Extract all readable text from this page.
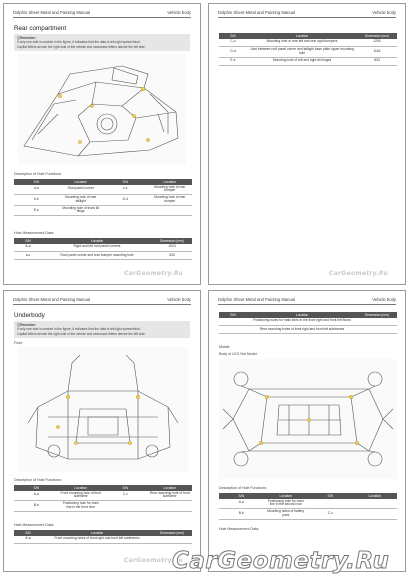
Dolphin Sheet Metal and Painting Manual	Vehicle body
Rear compartment
ⓘ Reminder:
If only one side is marked in the figure, it indicates that the data is left-right symmetrical.
Capital letters denote the right side of the vehicle and lowercase letters denote the left side.
Description of Hole Functions:
S/N	Location	S/N	Location
a,a	Roof panel corner	c,c	Mounting hole of rear bumper
b,b	Mounting hole of rear taillight	D,d	Mounting hole of rear bumper
E,e	Mounting hole of trunk lid hinge		
Hole Measurement Data:
S/N	Location	Dimension (mm)
A-a	Right and left roof panel corners	1024
a-c	Roof panel corner and rear bumper mounting hole	833
CarGeometry.Ru
Dolphin Sheet Metal and Painting Manual	Vehicle body
S/N	Location	Dimension (mm)
C-c	Mounting hole of rear left and rear right bumpers	1250
D-d	Joint between roof panel corner and taillight base plate upper mounting hole	1162
E-e	Mounting hole of left and right lid hinges	833
CarGeometry.Ru
Dolphin Sheet Metal and Painting Manual	Vehicle body
Underbody
ⓘ Reminder:
If only one side is marked in the figure, it indicates that the data is left-right symmetrical.
Capital letters denote the right side of the vehicle and lowercase letters denote the left side.
Front
Description of Hole Functions:
S/N	Location	S/N	Location
A,a	Front mounting hole of front subframe	C,c	Rear mounting hole of front subframe
B,b	Positioning hole for main line in the front floor		
Hole Measurement Data:
S/N	Location	Dimension (mm)
A-a	Front mounting holes of front right and front left subframes	
CarGeometry.Ru
Dolphin Sheet Metal and Painting Manual	Vehicle body
S/N	Location	Dimension (mm)
	Positioning holes for main lines in the front right and front left floors	
	Rear mounting holes of front right and front left subframes	
Middle
Body of LEG Nut Model:
Description of Hole Functions:
S/N	Location	S/N	Location
A,a	Positioning hole for main line in the second row		
B,b	Mounting holes of battery pack	C,c	
Hole Measurement Data:
CarGeometry.Ru
